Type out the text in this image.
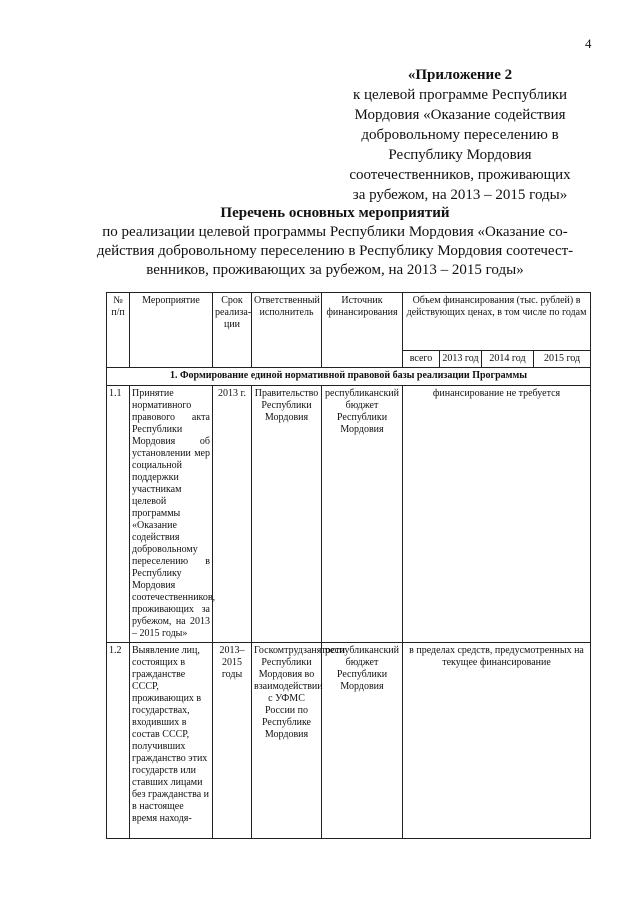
4
«Приложение 2
к целевой программе Республики
Мордовия «Оказание содействия
добровольному переселению в
Республику Мордовия
соотечественников, проживающих
за рубежом, на 2013 – 2015 годы»
Перечень основных мероприятий
по реализации целевой программы Республики Мордовия «Оказание со-
действия добровольному переселению в Республику Мордовия соотечест-
венников, проживающих за рубежом, на 2013 – 2015 годы»
№ п/п	Мероприятие	Срок реализа-ции	Ответственный исполнитель	Источник финансирования	Объем финансирования (тыс. рублей) в действующих ценах, в том числе по годам			
					всего	2013 год	2014 год	2015 год
1. Формирование единой нормативной правовой базы реализации Программы								
1.1	Принятие нормативного правового акта Республики Мордовия об установлении мер социальной поддержки участникам целевой программы «Оказание содействия добровольному переселению в Республику Мордовия соотечественников, проживающих за рубежом, на 2013 – 2015 годы»	2013 г.	Правительство Республики Мордовия	республиканский бюджет Республики Мордовия	финансирование не требуется			
1.2	Выявление лиц, состоящих в гражданстве СССР, проживающих в государствах, входивших в состав СССР, получивших гражданство этих государств или ставших лицами без гражданства и в настоящее время находя-	2013– 2015 годы	Госкомтрудзанятости Республики Мордовия во взаимодействии с УФМС России по Республике Мордовия	республиканский бюджет Республики Мордовия	в пределах средств, предусмотренных на текущее финансирование			
